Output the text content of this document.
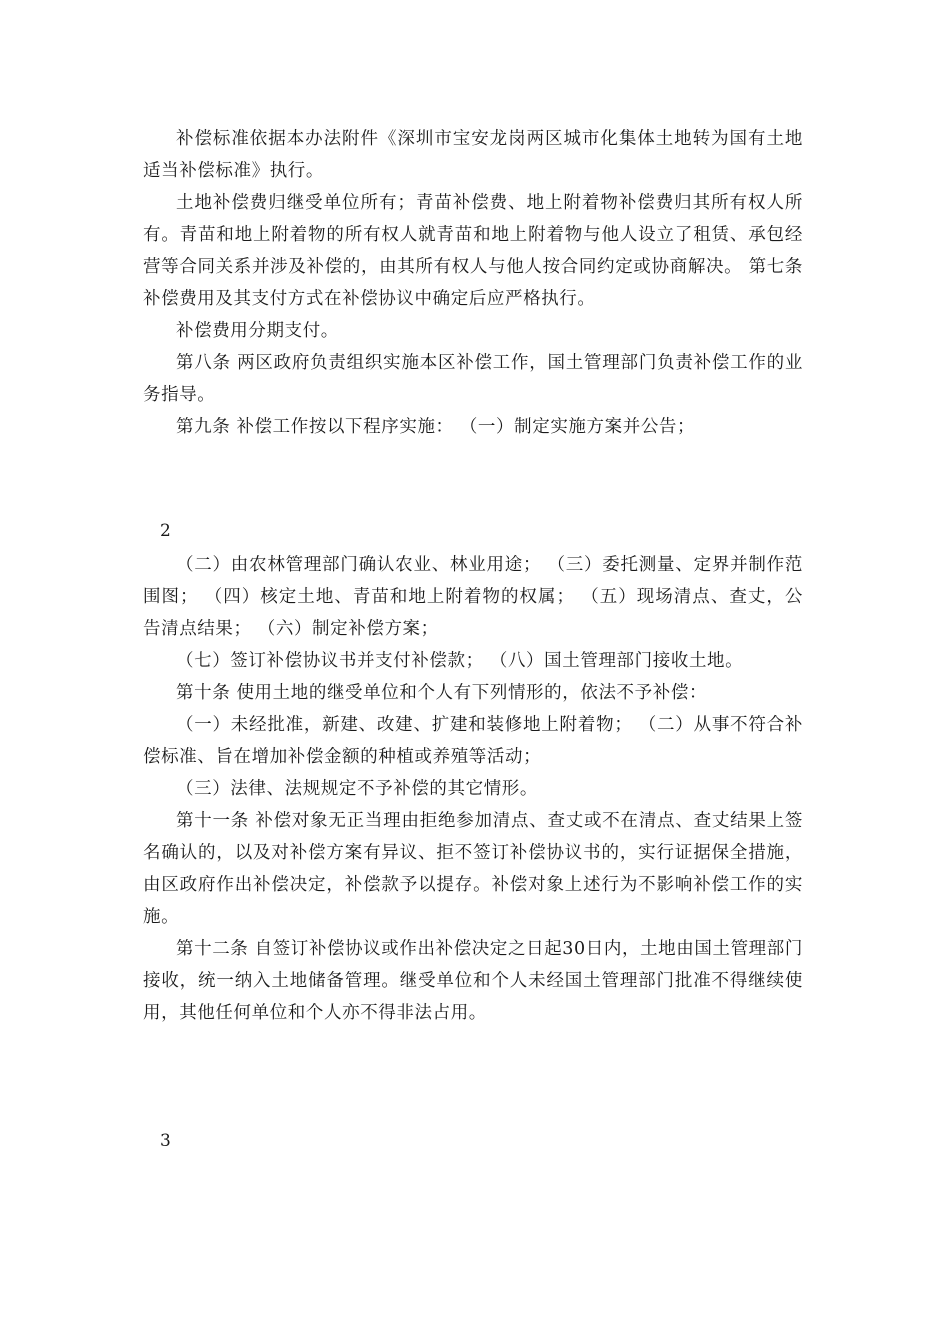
补偿标准依据本办法附件《深圳市宝安龙岗两区城市化集体土地转为国有土地适当补偿标准》执行。

土地补偿费归继受单位所有；青苗补偿费、地上附着物补偿费归其所有权人所有。青苗和地上附着物的所有权人就青苗和地上附着物与他人设立了租赁、承包经营等合同关系并涉及补偿的，由其所有权人与他人按合同约定或协商解决。 第七条 补偿费用及其支付方式在补偿协议中确定后应严格执行。

补偿费用分期支付。

第八条 两区政府负责组织实施本区补偿工作，国土管理部门负责补偿工作的业务指导。

第九条 补偿工作按以下程序实施： （一）制定实施方案并公告；

2

（二）由农林管理部门确认农业、林业用途； （三）委托测量、定界并制作范围图； （四）核定土地、青苗和地上附着物的权属； （五）现场清点、查丈，公告清点结果； （六）制定补偿方案；

（七）签订补偿协议书并支付补偿款； （八）国土管理部门接收土地。

第十条 使用土地的继受单位和个人有下列情形的，依法不予补偿：

（一）未经批准，新建、改建、扩建和装修地上附着物； （二）从事不符合补偿标准、旨在增加补偿金额的种植或养殖等活动；

（三）法律、法规规定不予补偿的其它情形。

第十一条 补偿对象无正当理由拒绝参加清点、查丈或不在清点、查丈结果上签名确认的，以及对补偿方案有异议、拒不签订补偿协议书的，实行证据保全措施，由区政府作出补偿决定，补偿款予以提存。补偿对象上述行为不影响补偿工作的实施。

第十二条 自签订补偿协议或作出补偿决定之日起30日内，土地由国土管理部门接收，统一纳入土地储备管理。继受单位和个人未经国土管理部门批准不得继续使用，其他任何单位和个人亦不得非法占用。

3
